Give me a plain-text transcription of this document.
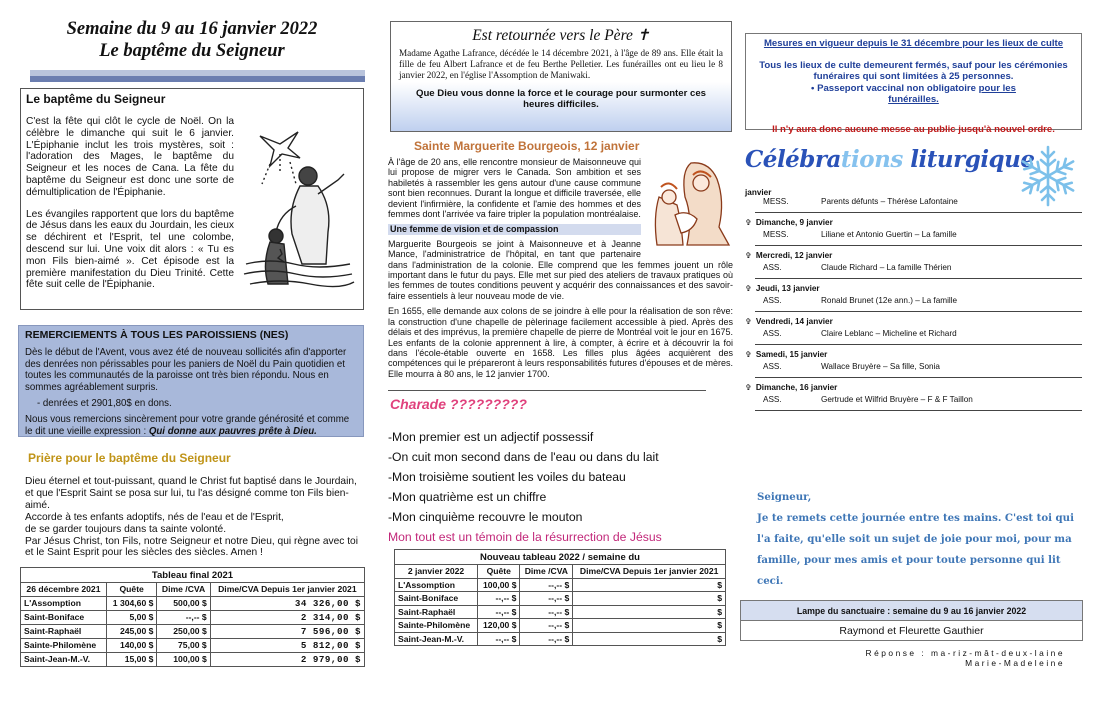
Semaine du 9 au 16 janvier 2022
Le baptême du Seigneur
Le baptême du Seigneur

C'est la fête qui clôt le cycle de Noël. On la célèbre le dimanche qui suit le 6 janvier. L'Épiphanie inclut les trois mystères, soit : l'adoration des Mages, le baptême du Seigneur et les noces de Cana. La fête du baptême du Seigneur est donc une sorte de démultiplication de l'Épiphanie.

Les évangiles rapportent que lors du baptême de Jésus dans les eaux du Jourdain, les cieux se déchirent et l'Esprit, tel une colombe, descend sur lui. Une voix dit alors : « Tu es mon Fils bien-aimé ». Cet épisode est la première manifestation du Dieu Trinité. Cette fête suit celle de l'Épiphanie.

REMERCIEMENTS À TOUS LES PAROISSIENS (NES)
Dès le début de l'Avent, vous avez été de nouveau sollicités afin d'apporter des denrées non périssables pour les paniers de Noël du Pain quotidien et toutes les communautés de la paroisse ont très bien répondu. Nous en sommes agréablement surpris.
- denrées et 2901,80$ en dons.
Nous vous remercions sincèrement pour votre grande générosité et comme le dit une vieille expression : Qui donne aux pauvres prête à Dieu.
Prière pour le baptême du Seigneur
Dieu éternel et tout-puissant, quand le Christ fut baptisé dans le Jourdain, et que l'Esprit Saint se posa sur lui, tu l'as désigné comme ton Fils bien-aimé.
Accorde à tes enfants adoptifs, nés de l'eau et de l'Esprit,
de se garder toujours dans ta sainte volonté.
Par Jésus Christ, ton Fils, notre Seigneur et notre Dieu, qui règne avec toi et le Saint Esprit pour les siècles des siècles. Amen !
Tableau final 2021			
26 décembre 2021	Quête	Dime /CVA	Dime/CVA Depuis 1er janvier 2021
L'Assomption	1 304,60 $	500,00 $	34 326,00 $
Saint-Boniface	5,00 $	--,-- $	2 314,00 $
Saint-Raphaël	245,00 $	250,00 $	7 596,00 $
Sainte-Philomène	140,00 $	75,00 $	5 812,00 $
Saint-Jean-M.-V.	15,00 $	100,00 $	2 979,00 $
Est retournée vers le Père ✝
Madame Agathe Lafrance, décédée le 14 décembre 2021, à l'âge de 89 ans. Elle était la fille de feu Albert Lafrance et de feu Berthe Pelletier. Les funérailles ont eu lieu le 8 janvier 2022, en l'église l'Assomption de Maniwaki.
Que Dieu vous donne la force et le courage pour surmonter ces heures difficiles.
Sainte Marguerite Bourgeois, 12 janvier

À l'âge de 20 ans, elle rencontre monsieur de Maisonneuve qui lui propose de migrer vers le Canada. Son ambition et ses habiletés à rassembler les gens autour d'une cause commune sont bien reconnues. Durant la longue et difficile traversée, elle devient l'infirmière, la confidente et l'amie des hommes et des femmes dont l'arrivée va faire tripler la population montréalaise.

Une femme de vision et de compassion

Marguerite Bourgeois se joint à Maisonneuve et à Jeanne Mance, l'administratrice de l'hôpital, en tant que partenaire dans l'administration de la colonie. Elle comprend que les femmes jouent un rôle important dans le futur du pays. Elle met sur pied des ateliers de travaux pratiques où les femmes de toutes conditions peuvent y acquérir des connaissances et des savoir-faire essentiels à leur nouveau mode de vie.

En 1655, elle demande aux colons de se joindre à elle pour la réalisation de son rêve: la construction d'une chapelle de pèlerinage facilement accessible à pied. Après des délais et des imprévus, la première chapelle de pierre de Montréal voit le jour en 1675. Les enfants de la colonie apprennent à lire, à compter, à écrire et à découvrir la foi dans l'école-étable ouverte en 1658. Les filles plus âgées acquièrent des compétences qui le prépareront à leurs responsabilités futures d'épouses et de mères. Elle mourra à 80 ans, le 12 janvier 1700.

Charade ?????????
-Mon premier est un adjectif possessif
-On cuit mon second dans de l'eau ou dans du lait
-Mon troisième soutient les voiles du bateau
-Mon quatrième est un chiffre
-Mon cinquième recouvre le mouton
Mon tout est un témoin de la résurrection de Jésus
Nouveau tableau 2022 / semaine du			
2 janvier 2022	Quête	Dime /CVA	Dime/CVA Depuis 1er janvier 2021
L'Assomption	100,00 $	--,-- $	$
Saint-Boniface	--,-- $	--,-- $	$
Saint-Raphaël	--,-- $	--,-- $	$
Sainte-Philomène	120,00 $	--,-- $	$
Saint-Jean-M.-V.	--,-- $	--,-- $	$
Mesures en vigueur depuis le 31 décembre pour les lieux de culte
Tous les lieux de culte demeurent fermés, sauf pour les cérémonies funéraires qui sont limitées à 25 personnes.
• Passeport vaccinal non obligatoire pour les
funérailles.
Il n'y aura donc aucune messe au public jusqu'à nouvel ordre.
Célébrations liturgique
janvier
MESS.	Parents défunts – Thérèse Lafontaine
✞ Dimanche, 9 janvier
MESS.	Liliane et Antonio Guertin – La famille
✞ Mercredi, 12 janvier
ASS.	Claude Richard – La famille Thérien
✞ Jeudi, 13 janvier
ASS.	Ronald Brunet (12e ann.) – La famille
✞ Vendredi, 14 janvier
ASS.	Claire Leblanc – Micheline et Richard
✞ Samedi, 15 janvier
ASS.	Wallace Bruyère – Sa fille, Sonia
✞ Dimanche, 16 janvier
ASS.	Gertrude et Wilfrid Bruyère – F & F Taillon
Seigneur,
Je te remets cette journée entre tes mains. C'est toi qui l'a faite, qu'elle soit un sujet de joie pour moi, pour ma famille, pour mes amis et pour toute personne qui lit ceci.
Lampe du sanctuaire : semaine du 9 au 16 janvier 2022
Raymond et Fleurette Gauthier
Réponse : ma-riz-mât-deux-laine
Marie-Madeleine
